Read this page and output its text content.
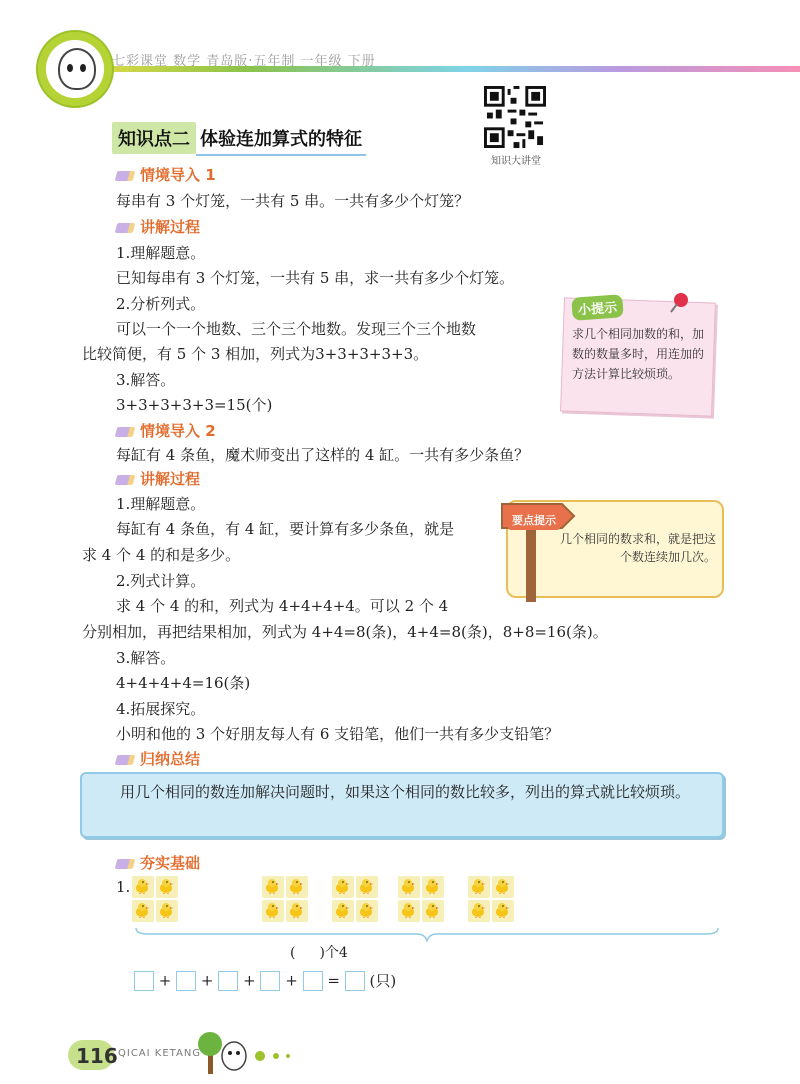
七彩课堂 数学 青岛版·五年制 一年级 下册
知识点二 体验连加算式的特征
知识大讲堂
情境导入 1
每串有 3 个灯笼，一共有 5 串。一共有多少个灯笼？
讲解过程
1.理解题意。
已知每串有 3 个灯笼，一共有 5 串，求一共有多少个灯笼。
2.分析列式。
可以一个一个地数、三个三个地数。发现三个三个地数
比较简便，有 5 个 3 相加，列式为3+3+3+3+3。
3.解答。
3+3+3+3+3=15(个)
小提示
求几个相同加数的和，加数的数量多时，用连加的方法计算比较烦琐。
情境导入 2
每缸有 4 条鱼，魔术师变出了这样的 4 缸。一共有多少条鱼？
讲解过程
1.理解题意。
每缸有 4 条鱼，有 4 缸，要计算有多少条鱼，就是
求 4 个 4 的和是多少。
2.列式计算。
求 4 个 4 的和，列式为 4+4+4+4。可以 2 个 4
分别相加，再把结果相加，列式为 4+4=8(条)，4+4=8(条)，8+8=16(条)。
3.解答。
4+4+4+4=16(条)
4.拓展探究。
小明和他的 3 个好朋友每人有 6 支铅笔，他们一共有多少支铅笔？
要点提示
几个相同的数求和，就是把这个数连续加几次。
归纳总结
用几个相同的数连加解决问题时，如果这个相同的数比较多，列出的算式就比较烦琐。
夯实基础
1.
( )个4
+ + + + = (只)
116 QICAI KETANG
